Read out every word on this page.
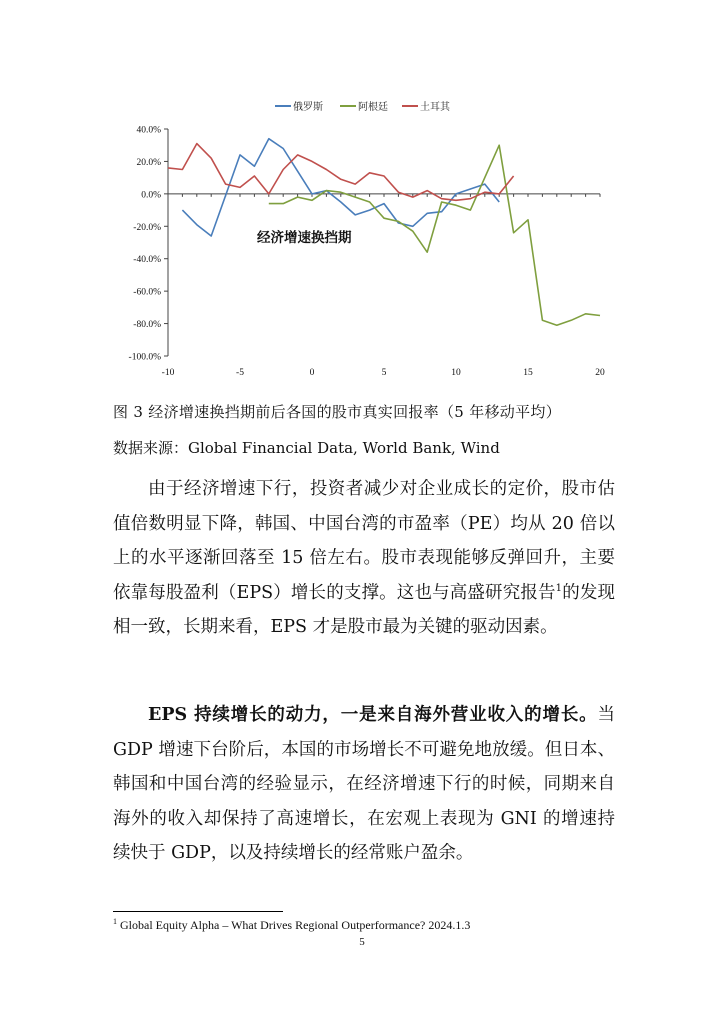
俄罗斯	阿根廷	土耳其
40.0%
20.0%
0.0%
-20.0%
-40.0%
-60.0%
-80.0%
-100.0%
-10	-5	0	5	10	15	20
经济增速换挡期
图 3 经济增速换挡期前后各国的股市真实回报率（5 年移动平均）
数据来源：Global Financial Data, World Bank, Wind
由于经济增速下行，投资者减少对企业成长的定价，股市估值倍数明显下降，韩国、中国台湾的市盈率（PE）均从 20 倍以上的水平逐渐回落至 15 倍左右。股市表现能够反弹回升，主要依靠每股盈利（EPS）增长的支撑。这也与高盛研究报告$^1$的发现相一致，长期来看，EPS 才是股市最为关键的驱动因素。
EPS 持续增长的动力，一是来自海外营业收入的增长。当 GDP 增速下台阶后，本国的市场增长不可避免地放缓。但日本、韩国和中国台湾的经验显示，在经济增速下行的时候，同期来自海外的收入却保持了高速增长，在宏观上表现为 GNI 的增速持续快于 GDP，以及持续增长的经常账户盈余。
$^1$ Global Equity Alpha – What Drives Regional Outperformance? 2024.1.3
5
